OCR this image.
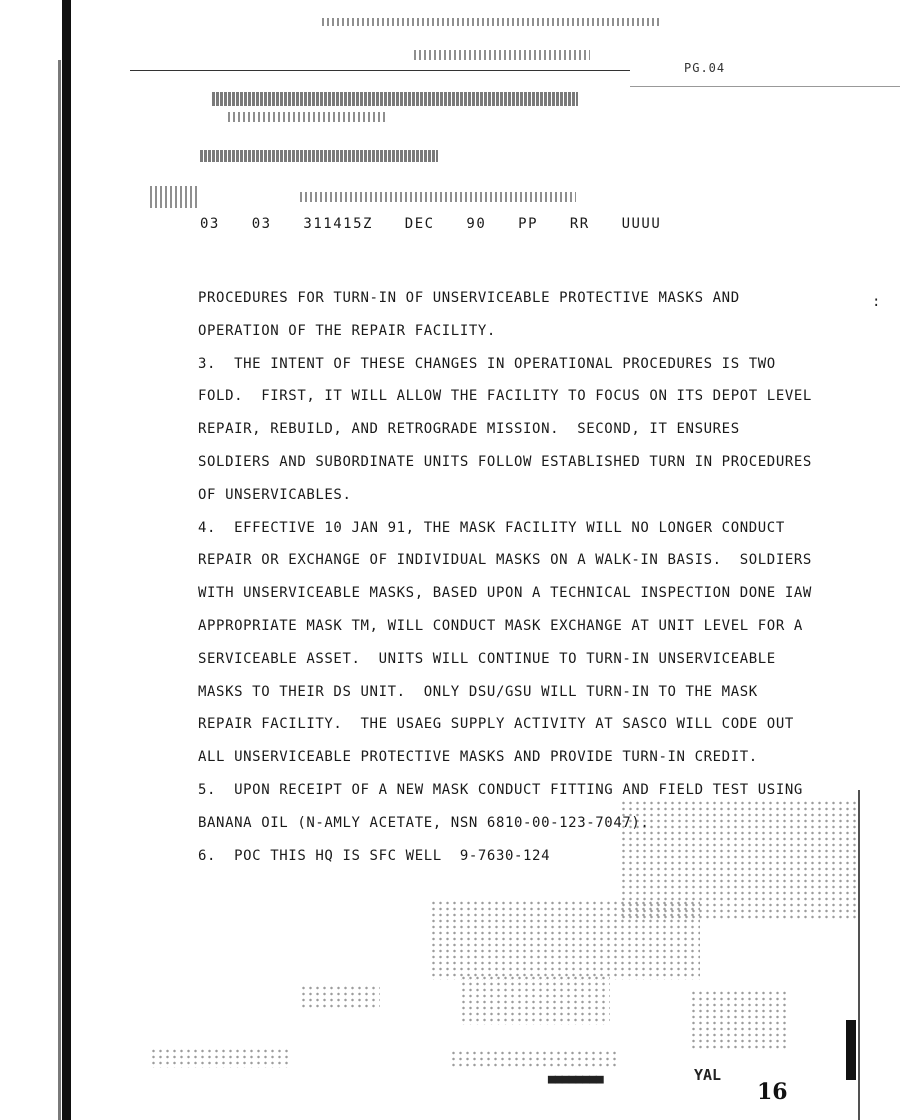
PG.04
03  03  311415Z  DEC  90  PP  RR  UUUU
:
PROCEDURES FOR TURN-IN OF UNSERVICEABLE PROTECTIVE MASKS AND
OPERATION OF THE REPAIR FACILITY.
3.  THE INTENT OF THESE CHANGES IN OPERATIONAL PROCEDURES IS TWO
FOLD.  FIRST, IT WILL ALLOW THE FACILITY TO FOCUS ON ITS DEPOT LEVEL
REPAIR, REBUILD, AND RETROGRADE MISSION.  SECOND, IT ENSURES
SOLDIERS AND SUBORDINATE UNITS FOLLOW ESTABLISHED TURN IN PROCEDURES
OF UNSERVICABLES.
4.  EFFECTIVE 10 JAN 91, THE MASK FACILITY WILL NO LONGER CONDUCT
REPAIR OR EXCHANGE OF INDIVIDUAL MASKS ON A WALK-IN BASIS.  SOLDIERS
WITH UNSERVICEABLE MASKS, BASED UPON A TECHNICAL INSPECTION DONE IAW
APPROPRIATE MASK TM, WILL CONDUCT MASK EXCHANGE AT UNIT LEVEL FOR A
SERVICEABLE ASSET.  UNITS WILL CONTINUE TO TURN-IN UNSERVICEABLE
MASKS TO THEIR DS UNIT.  ONLY DSU/GSU WILL TURN-IN TO THE MASK
REPAIR FACILITY.  THE USAEG SUPPLY ACTIVITY AT SASCO WILL CODE OUT
ALL UNSERVICEABLE PROTECTIVE MASKS AND PROVIDE TURN-IN CREDIT.
5.  UPON RECEIPT OF A NEW MASK CONDUCT FITTING AND FIELD TEST USING
BANANA OIL (N-AMLY ACETATE, NSN 6810-00-123-7047).
6.  POC THIS HQ IS SFC WELL  9-7630-124
▀▀▀▀▀▀▀▀
YAL
16
